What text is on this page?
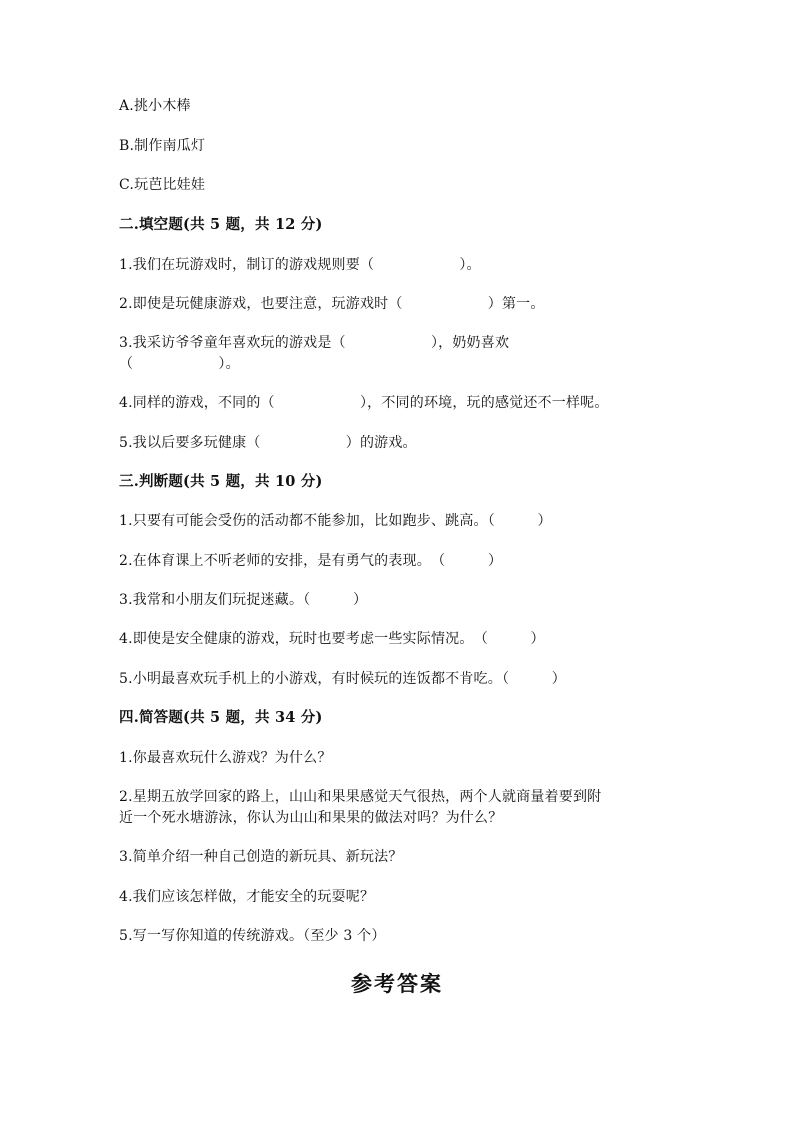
A.挑小木棒
B.制作南瓜灯
C.玩芭比娃娃
二.填空题(共 5 题，共 12 分)
1.我们在玩游戏时，制订的游戏规则要（　　　　　　）。
2.即使是玩健康游戏，也要注意，玩游戏时（　　　　　　）第一。
3.我采访爷爷童年喜欢玩的游戏是（　　　　　　），奶奶喜欢
（　　　　　　）。
4.同样的游戏，不同的（　　　　　　），不同的环境，玩的感觉还不一样呢。
5.我以后要多玩健康（　　　　　　）的游戏。
三.判断题(共 5 题，共 10 分)
1.只要有可能会受伤的活动都不能参加，比如跑步、跳高。（　　　）
2.在体育课上不听老师的安排，是有勇气的表现。　（　　　）
3.我常和小朋友们玩捉迷藏。（　　　）
4.即使是安全健康的游戏，玩时也要考虑一些实际情况。　（　　　）
5.小明最喜欢玩手机上的小游戏，有时候玩的连饭都不肯吃。（　　　）
四.简答题(共 5 题，共 34 分)
1.你最喜欢玩什么游戏？为什么？
2.星期五放学回家的路上，山山和果果感觉天气很热，两个人就商量着要到附
近一个死水塘游泳，你认为山山和果果的做法对吗？为什么？
3.简单介绍一种自己创造的新玩具、新玩法？
4.我们应该怎样做，才能安全的玩耍呢？
5.写一写你知道的传统游戏。（至少 3 个）
参考答案
